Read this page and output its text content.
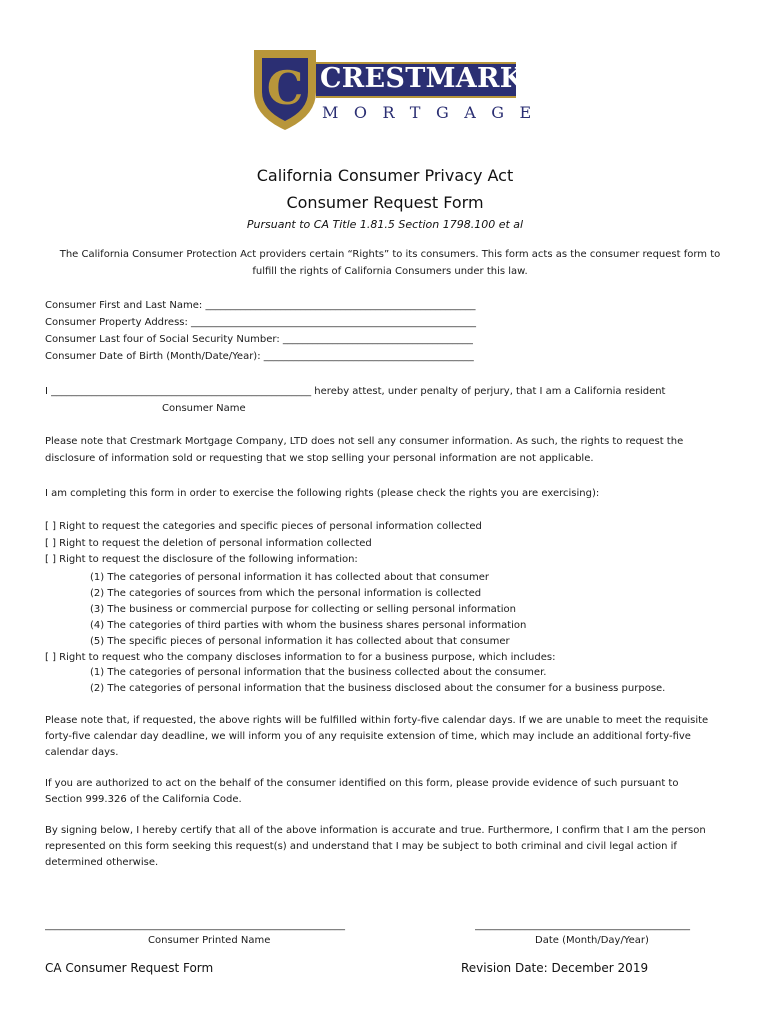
C CRESTMARK
MORTGAGE
California Consumer Privacy Act
Consumer Request Form
Pursuant to CA Title 1.81.5 Section 1798.100 et al
The California Consumer Protection Act providers certain “Rights” to its consumers. This form acts as the consumer request form to
fulfill the rights of California Consumers under this law.
Consumer First and Last Name: ______________________________________________________
Consumer Property Address: _________________________________________________________
Consumer Last four of Social Security Number: ______________________________________
Consumer Date of Birth (Month/Date/Year): __________________________________________
I ____________________________________________________ hereby attest, under penalty of perjury, that I am a California resident
Consumer Name
Please note that Crestmark Mortgage Company, LTD does not sell any consumer information. As such, the rights to request the
disclosure of information sold or requesting that we stop selling your personal information are not applicable.
I am completing this form in order to exercise the following rights (please check the rights you are exercising):
[ ] Right to request the categories and specific pieces of personal information collected
[ ] Right to request the deletion of personal information collected
[ ] Right to request the disclosure of the following information:
(1) The categories of personal information it has collected about that consumer
(2) The categories of sources from which the personal information is collected
(3) The business or commercial purpose for collecting or selling personal information
(4) The categories of third parties with whom the business shares personal information
(5) The specific pieces of personal information it has collected about that consumer
[ ] Right to request who the company discloses information to for a business purpose, which includes:
(1) The categories of personal information that the business collected about the consumer.
(2) The categories of personal information that the business disclosed about the consumer for a business purpose.
Please note that, if requested, the above rights will be fulfilled within forty-five calendar days. If we are unable to meet the requisite
forty-five calendar day deadline, we will inform you of any requisite extension of time, which may include an additional forty-five
calendar days.
If you are authorized to act on the behalf of the consumer identified on this form, please provide evidence of such pursuant to
Section 999.326 of the California Code.
By signing below, I hereby certify that all of the above information is accurate and true. Furthermore, I confirm that I am the person
represented on this form seeking this request(s) and understand that I may be subject to both criminal and civil legal action if
determined otherwise.
____________________________________________________________
Consumer Printed Name
___________________________________________
Date (Month/Day/Year)
CA Consumer Request Form	Revision Date: December 2019
